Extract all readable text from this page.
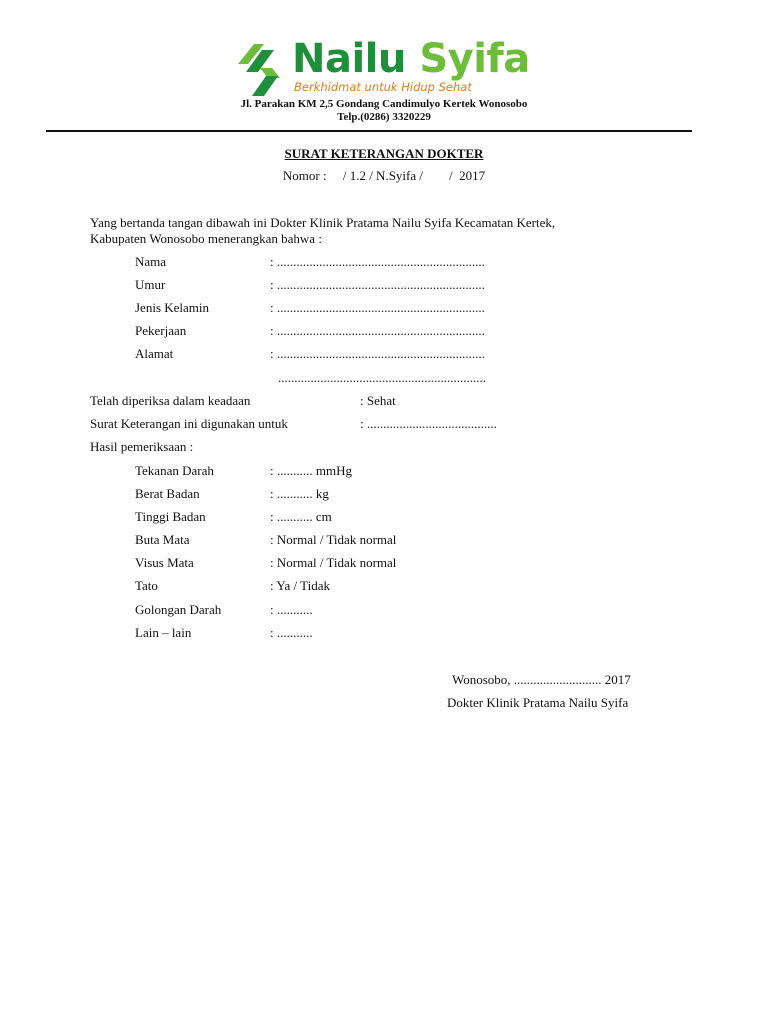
Nailu Syifa
Berkhidmat untuk Hidup Sehat
Jl. Parakan KM 2,5 Gondang Candimulyo Kertek Wonosobo
Telp.(0286) 3320229
SURAT KETERANGAN DOKTER
Nomor :     / 1.2 / N.Syifa /        /  2017
Yang bertanda tangan dibawah ini Dokter Klinik Pratama Nailu Syifa Kecamatan Kertek,
Kabupaten Wonosobo menerangkan bahwa :
Nama	: ................................................................
Umur	: ................................................................
Jenis Kelamin	: ................................................................
Pekerjaan	: ................................................................
Alamat	: ................................................................
................................................................
Telah diperiksa dalam keadaan	: Sehat
Surat Keterangan ini digunakan untuk	: ........................................
Hasil pemeriksaan :
Tekanan Darah	: ........... mmHg
Berat Badan	: ........... kg
Tinggi Badan	: ........... cm
Buta Mata	: Normal / Tidak normal
Visus Mata	: Normal / Tidak normal
Tato	: Ya / Tidak
Golongan Darah	: ...........
Lain – lain	: ...........
Wonosobo, ........................... 2017
Dokter Klinik Pratama Nailu Syifa
